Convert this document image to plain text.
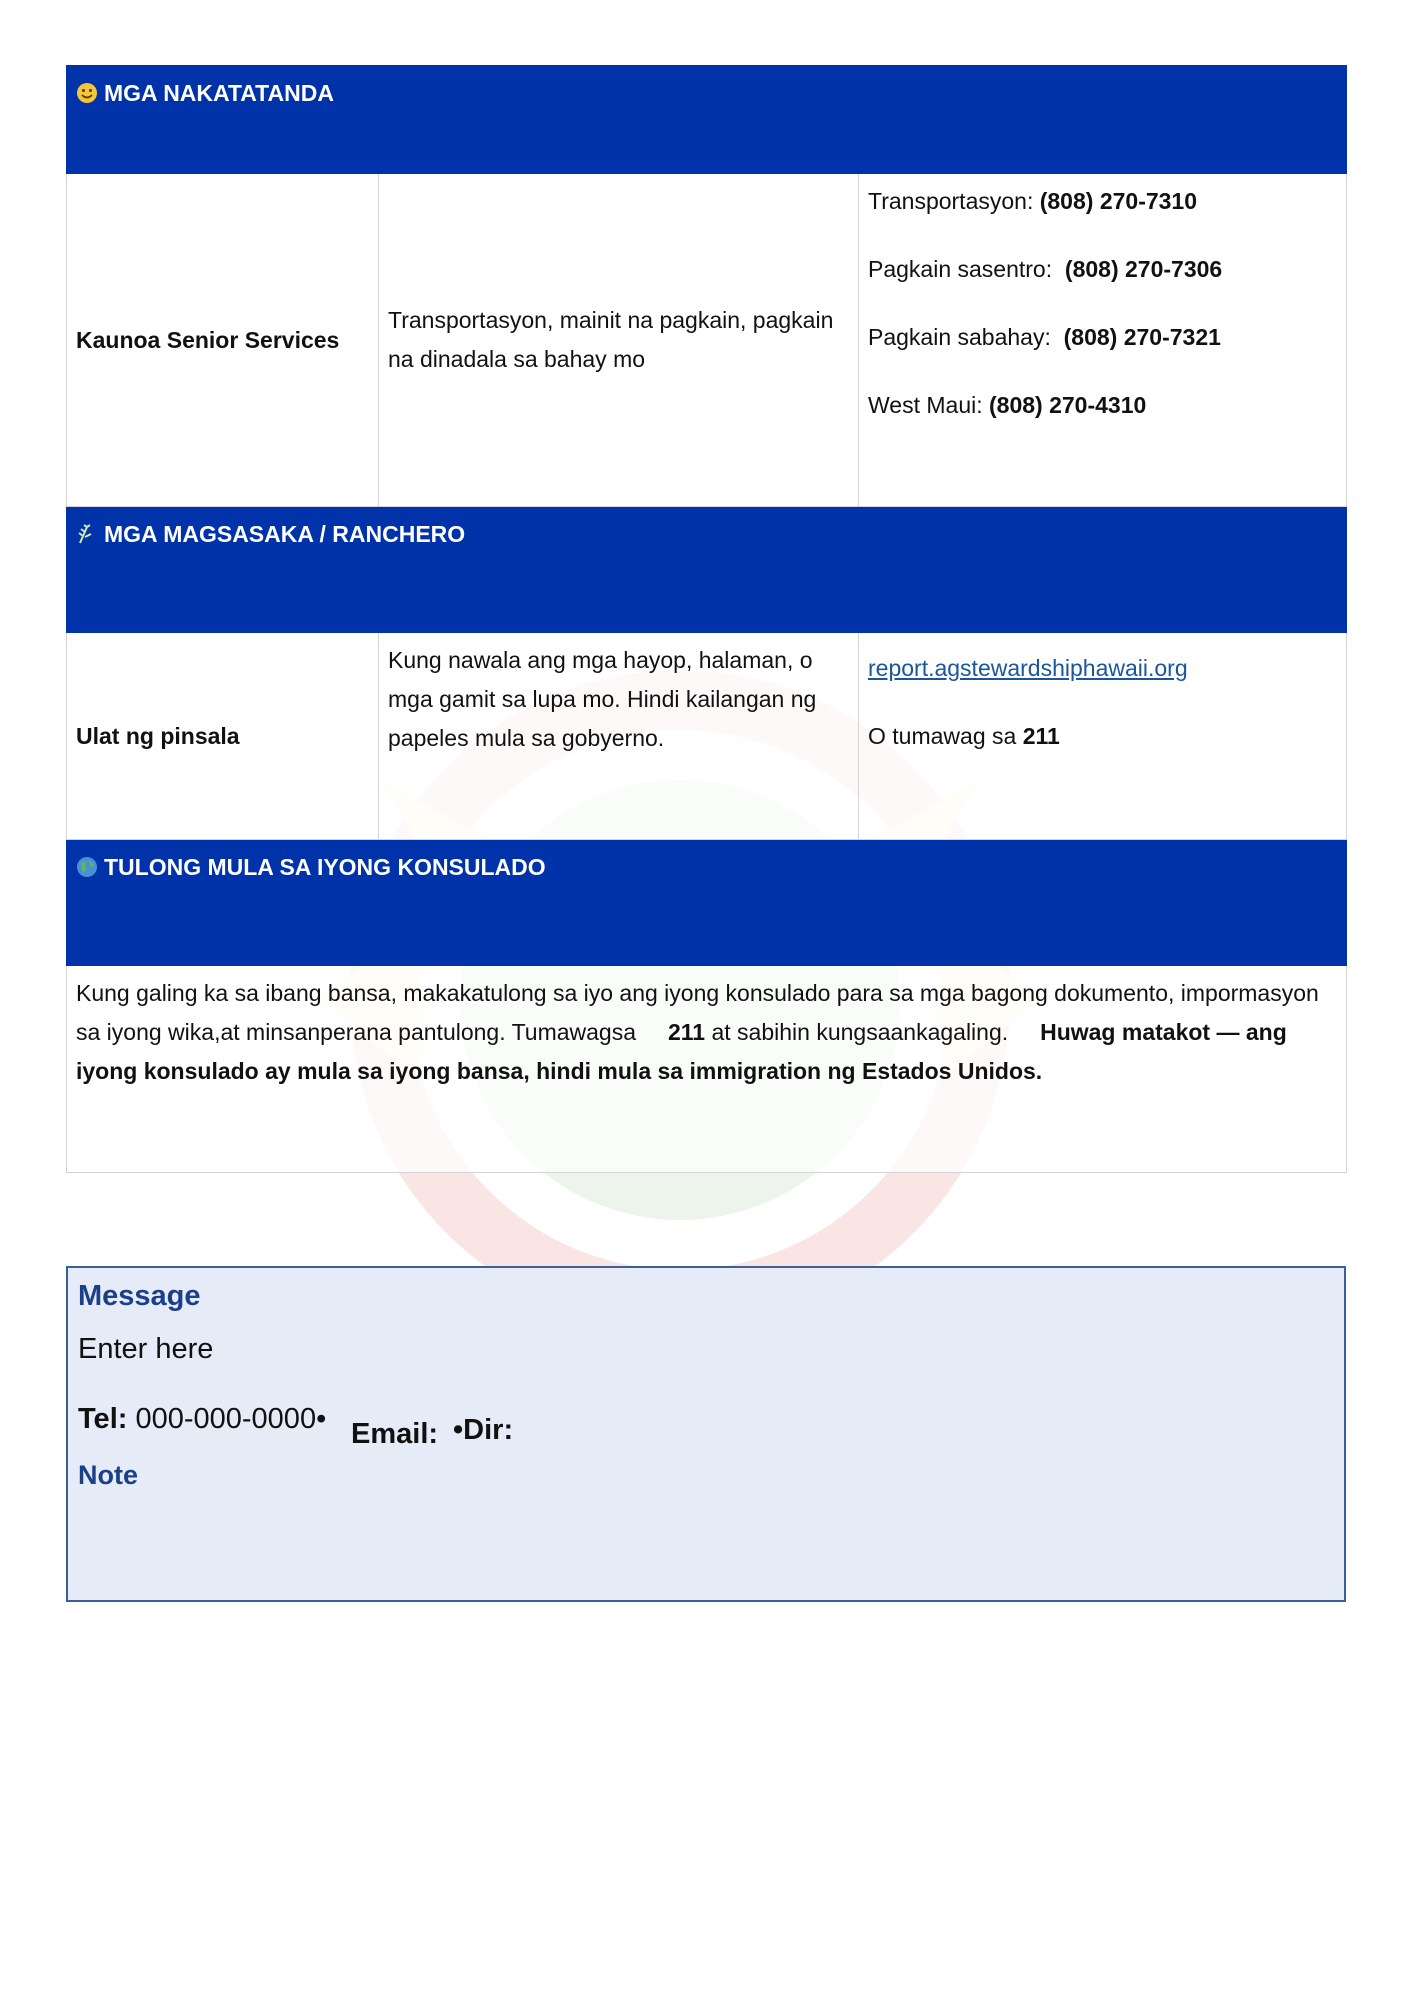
MGA NAKATATANDA		
Kaunoa Senior Services	Transportasyon, mainit na pagkain, pagkain na dinadala sa bahay mo	Transportasyon: (808) 270-7310

Pagkain sasentro: (808) 270-7306

Pagkain sabahay: (808) 270-7321

West Maui: (808) 270-4310

MGA MAGSASAKA / RANCHERO		
Ulat ng pinsala	Kung nawala ang mga hayop, halaman, o mga gamit sa lupa mo. Hindi kailangan ng papeles mula sa gobyerno.	report.agstewardshiphawaii.org

O tumawag sa 211

TULONG MULA SA IYONG KONSULADO		
Kung galing ka sa ibang bansa, makakatulong sa iyo ang iyong konsulado para sa mga bagong dokumento, impormasyon sa iyong wika,at minsanperana pantulong. Tumawagsa 211 at sabihin kungsaankagaling. Huwag matakot — ang iyong konsulado ay mula sa iyong bansa, hindi mula sa immigration ng Estados Unidos.		
Message
Enter here
Tel: 000-000-0000• Email: •Dir:
Note
